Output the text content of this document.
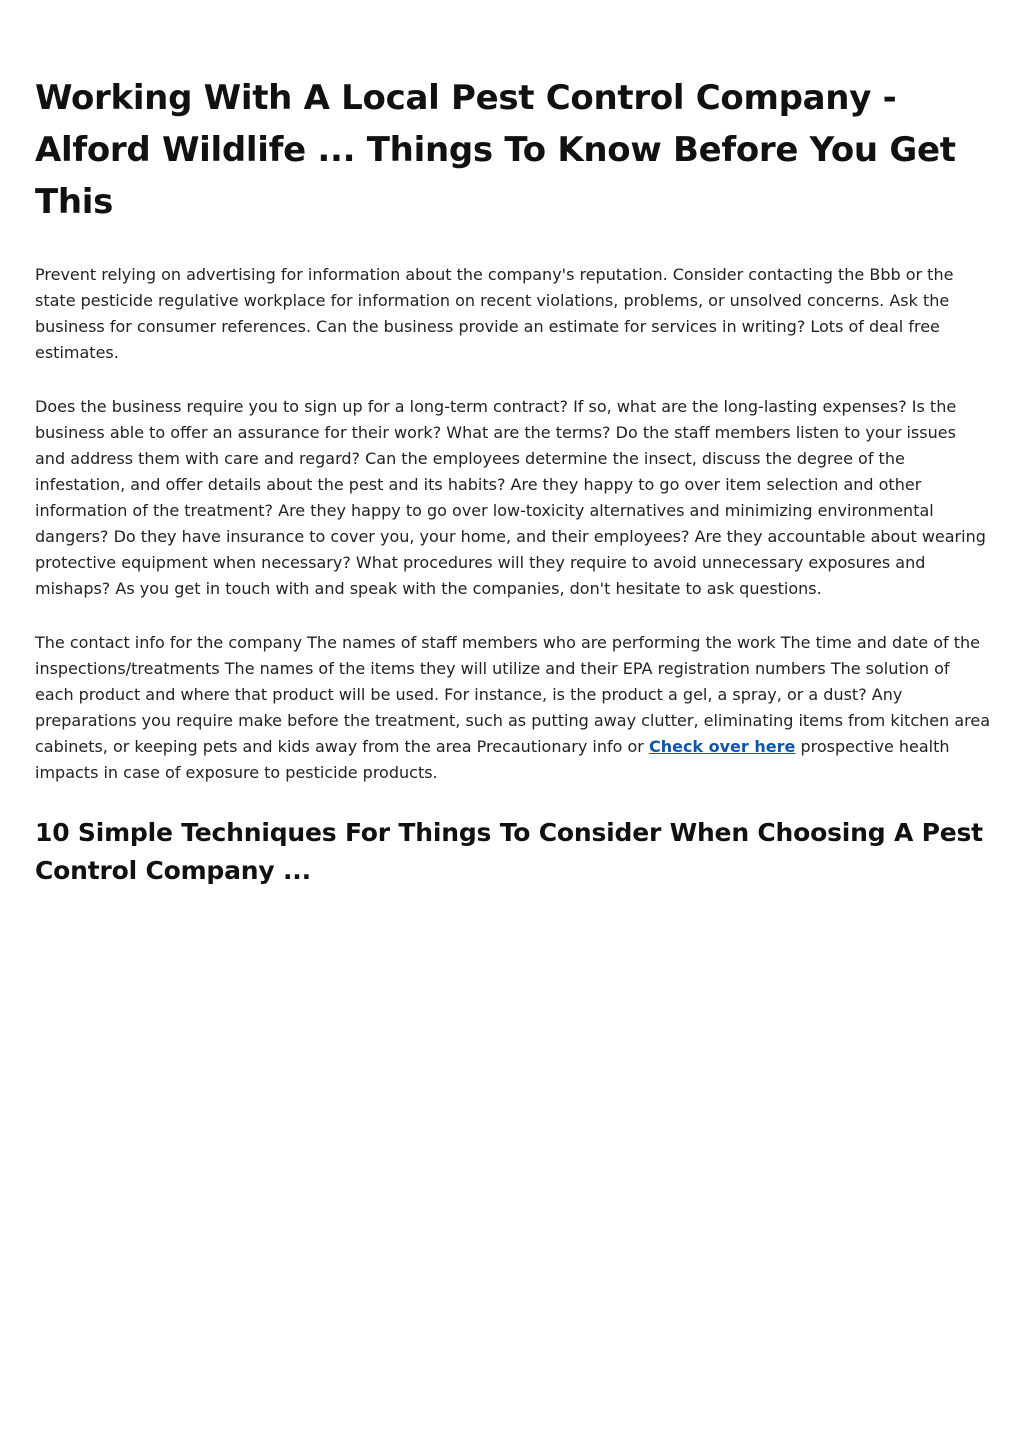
Working With A Local Pest Control Company - Alford Wildlife ... Things To Know Before You Get This

Prevent relying on advertising for information about the company's reputation. Consider contacting the Bbb or the state pesticide regulative workplace for information on recent violations, problems, or unsolved concerns. Ask the business for consumer references. Can the business provide an estimate for services in writing? Lots of deal free estimates.

Does the business require you to sign up for a long-term contract? If so, what are the long-lasting expenses? Is the business able to offer an assurance for their work? What are the terms? Do the staff members listen to your issues and address them with care and regard? Can the employees determine the insect, discuss the degree of the infestation, and offer details about the pest and its habits? Are they happy to go over item selection and other information of the treatment? Are they happy to go over low-toxicity alternatives and minimizing environmental dangers? Do they have insurance to cover you, your home, and their employees? Are they accountable about wearing protective equipment when necessary? What procedures will they require to avoid unnecessary exposures and mishaps? As you get in touch with and speak with the companies, don't hesitate to ask questions.

The contact info for the company The names of staff members who are performing the work The time and date of the inspections/treatments The names of the items they will utilize and their EPA registration numbers The solution of each product and where that product will be used. For instance, is the product a gel, a spray, or a dust? Any preparations you require make before the treatment, such as putting away clutter, eliminating items from kitchen area cabinets, or keeping pets and kids away from the area Precautionary info or Check over here prospective health impacts in case of exposure to pesticide products.

10 Simple Techniques For Things To Consider When Choosing A Pest Control Company ...
